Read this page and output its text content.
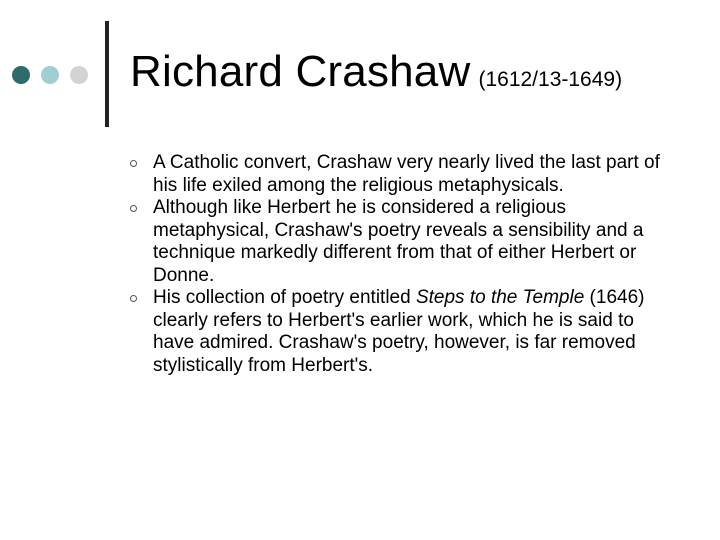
Richard Crashaw (1612/13-1649)
A Catholic convert, Crashaw very nearly lived the last part of his life exiled among the religious metaphysicals.
Although like Herbert he is considered a religious metaphysical, Crashaw's poetry reveals a sensibility and a technique markedly different from that of either Herbert or Donne.
His collection of poetry entitled Steps to the Temple (1646) clearly refers to Herbert's earlier work, which he is said to have admired. Crashaw's poetry, however, is far removed stylistically from Herbert's.
